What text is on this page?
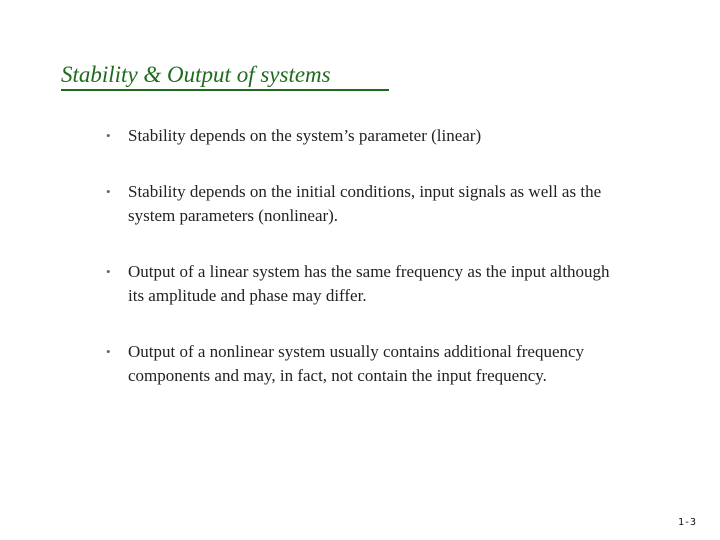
Stability & Output of systems
• Stability depends on the system’s parameter (linear)
• Stability depends on the initial conditions, input signals as well as the system parameters (nonlinear).
• Output of a linear system has the same frequency as the input although its amplitude and phase may differ.
• Output of a nonlinear system usually contains additional frequency components and may, in fact, not contain the input frequency.
1-3
